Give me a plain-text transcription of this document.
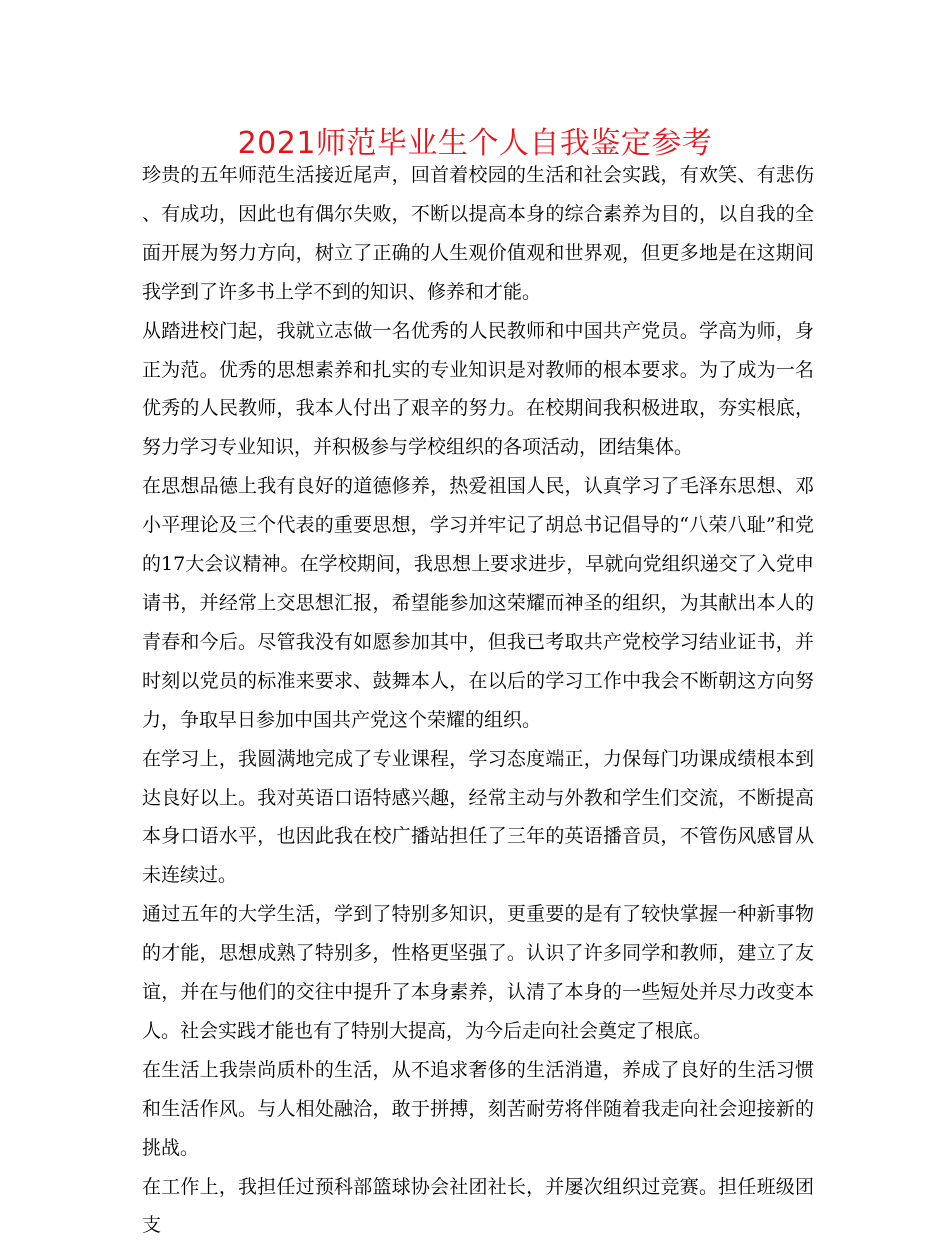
2021师范毕业生个人自我鉴定参考

珍贵的五年师范生活接近尾声，回首着校园的生活和社会实践，有欢笑、有悲伤、有成功，因此也有偶尔失败，不断以提高本身的综合素养为目的，以自我的全面开展为努力方向，树立了正确的人生观价值观和世界观，但更多地是在这期间我学到了许多书上学不到的知识、修养和才能。

从踏进校门起，我就立志做一名优秀的人民教师和中国共产党员。学高为师，身正为范。优秀的思想素养和扎实的专业知识是对教师的根本要求。为了成为一名优秀的人民教师，我本人付出了艰辛的努力。在校期间我积极进取，夯实根底，努力学习专业知识，并积极参与学校组织的各项活动，团结集体。

在思想品德上我有良好的道德修养，热爱祖国人民，认真学习了毛泽东思想、邓小平理论及三个代表的重要思想，学习并牢记了胡总书记倡导的“八荣八耻”和党的17大会议精神。在学校期间，我思想上要求进步，早就向党组织递交了入党申请书，并经常上交思想汇报，希望能参加这荣耀而神圣的组织，为其献出本人的青春和今后。尽管我没有如愿参加其中，但我已考取共产党校学习结业证书，并时刻以党员的标准来要求、鼓舞本人，在以后的学习工作中我会不断朝这方向努力，争取早日参加中国共产党这个荣耀的组织。

在学习上，我圆满地完成了专业课程，学习态度端正，力保每门功课成绩根本到达良好以上。我对英语口语特感兴趣，经常主动与外教和学生们交流，不断提高本身口语水平，也因此我在校广播站担任了三年的英语播音员，不管伤风感冒从未连续过。

通过五年的大学生活，学到了特别多知识，更重要的是有了较快掌握一种新事物的才能，思想成熟了特别多，性格更坚强了。认识了许多同学和教师，建立了友谊，并在与他们的交往中提升了本身素养，认清了本身的一些短处并尽力改变本人。社会实践才能也有了特别大提高，为今后走向社会奠定了根底。

在生活上我崇尚质朴的生活，从不追求奢侈的生活消遣，养成了良好的生活习惯和生活作风。与人相处融洽，敢于拼搏，刻苦耐劳将伴随着我走向社会迎接新的挑战。

在工作上，我担任过预科部篮球协会社团社长，并屡次组织过竞赛。担任班级团支
